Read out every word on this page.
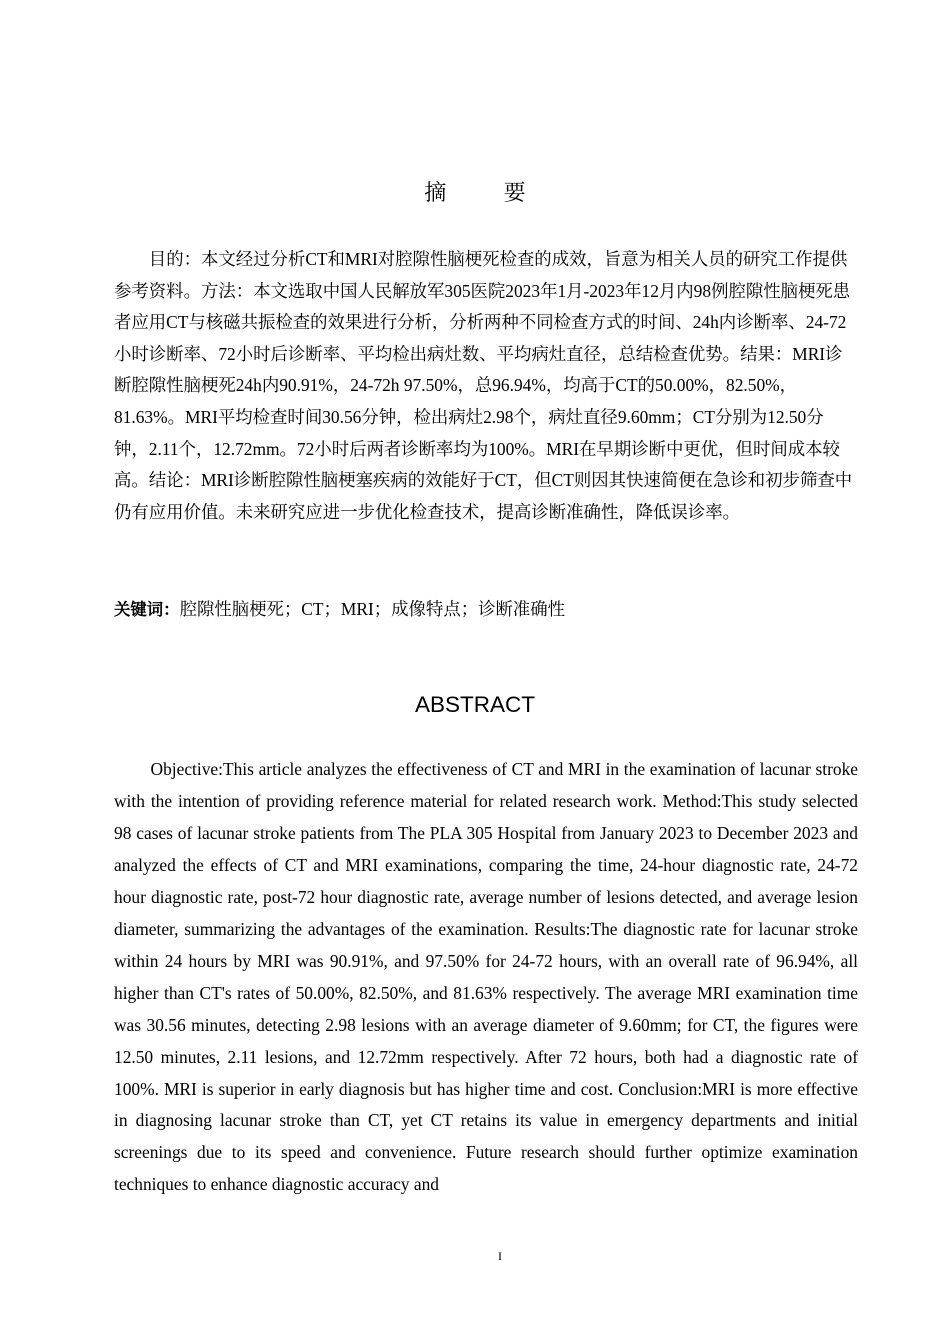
摘　要

目的：本文经过分析CT和MRI对腔隙性脑梗死检查的成效，旨意为相关人员的研究工作提供参考资料。方法：本文选取中国人民解放军305医院2023年1月-2023年12月内98例腔隙性脑梗死患者应用CT与核磁共振检查的效果进行分析，分析两种不同检查方式的时间、24h内诊断率、24-72小时诊断率、72小时后诊断率、平均检出病灶数、平均病灶直径，总结检查优势。结果：MRI诊断腔隙性脑梗死24h内90.91%，24-72h 97.50%，总96.94%，均高于CT的50.00%，82.50%，81.63%。MRI平均检查时间30.56分钟，检出病灶2.98个，病灶直径9.60mm；CT分别为12.50分钟，2.11个，12.72mm。72小时后两者诊断率均为100%。MRI在早期诊断中更优，但时间成本较高。结论：MRI诊断腔隙性脑梗塞疾病的效能好于CT，但CT则因其快速简便在急诊和初步筛查中仍有应用价值。未来研究应进一步优化检查技术，提高诊断准确性，降低误诊率。

关键词：腔隙性脑梗死；CT；MRI；成像特点；诊断准确性

ABSTRACT

Objective:This article analyzes the effectiveness of CT and MRI in the examination of lacunar stroke with the intention of providing reference material for related research work. Method:This study selected 98 cases of lacunar stroke patients from The PLA 305 Hospital from January 2023 to December 2023 and analyzed the effects of CT and MRI examinations, comparing the time, 24-hour diagnostic rate, 24-72 hour diagnostic rate, post-72 hour diagnostic rate, average number of lesions detected, and average lesion diameter, summarizing the advantages of the examination. Results:The diagnostic rate for lacunar stroke within 24 hours by MRI was 90.91%, and 97.50% for 24-72 hours, with an overall rate of 96.94%, all higher than CT's rates of 50.00%, 82.50%, and 81.63% respectively. The average MRI examination time was 30.56 minutes, detecting 2.98 lesions with an average diameter of 9.60mm; for CT, the figures were 12.50 minutes, 2.11 lesions, and 12.72mm respectively. After 72 hours, both had a diagnostic rate of 100%. MRI is superior in early diagnosis but has higher time and cost. Conclusion:MRI is more effective in diagnosing lacunar stroke than CT, yet CT retains its value in emergency departments and initial screenings due to its speed and convenience. Future research should further optimize examination techniques to enhance diagnostic accuracy and

I
